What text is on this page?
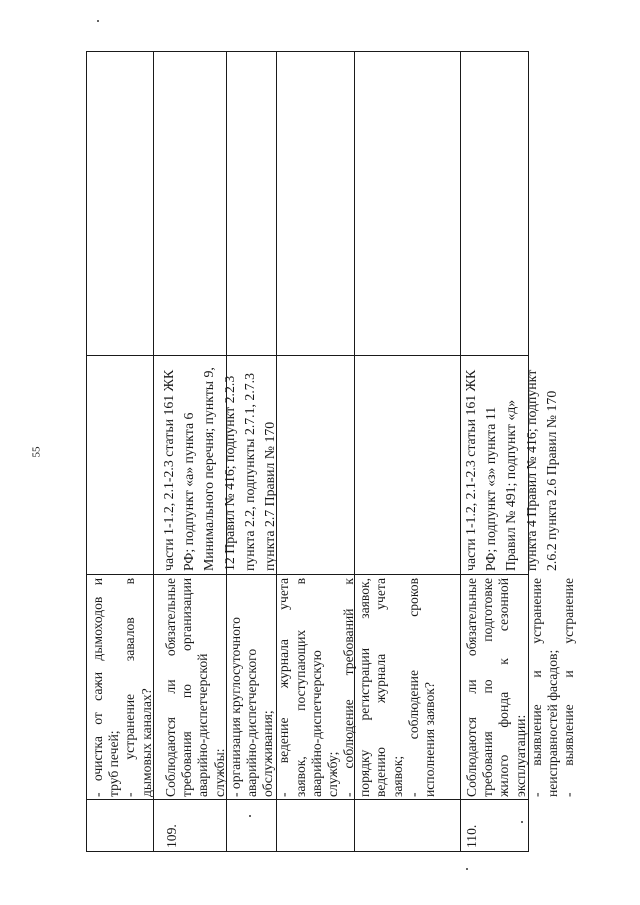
55
- очистка от сажи дымоходов и труб печей; - устранение завалов в дымовых каналах?
109.
Соблюдаются ли обязательные требования по организации аварийно-диспетчерской службы: - организация круглосуточного аварийно-диспетчерского обслуживания; - ведение журнала учета заявок, поступающих в аварийно-диспетчерскую службу; - соблюдение требований к порядку регистрации заявок, ведению журнала учета заявок; - соблюдение сроков исполнения заявок?
части 1-1.2, 2.1-2.3 статьи 161 ЖК РФ; подпункт «а» пункта 6 Минимального перечня; пункты 9, 12 Правил № 416; подпункт 2.2.3 пункта 2.2, подпункты 2.7.1, 2.7.3 пункта 2.7 Правил № 170
110.
Соблюдаются ли обязательные требования по подготовке жилого фонда к сезонной эксплуатации: - выявление и устранение неисправностей фасадов; - выявление и устранение
части 1-1.2, 2.1-2.3 статьи 161 ЖК РФ; подпункт «з» пункта 11 Правил № 491; подпункт «д» пункта 4 Правил № 416; подпункт 2.6.2 пункта 2.6 Правил № 170
